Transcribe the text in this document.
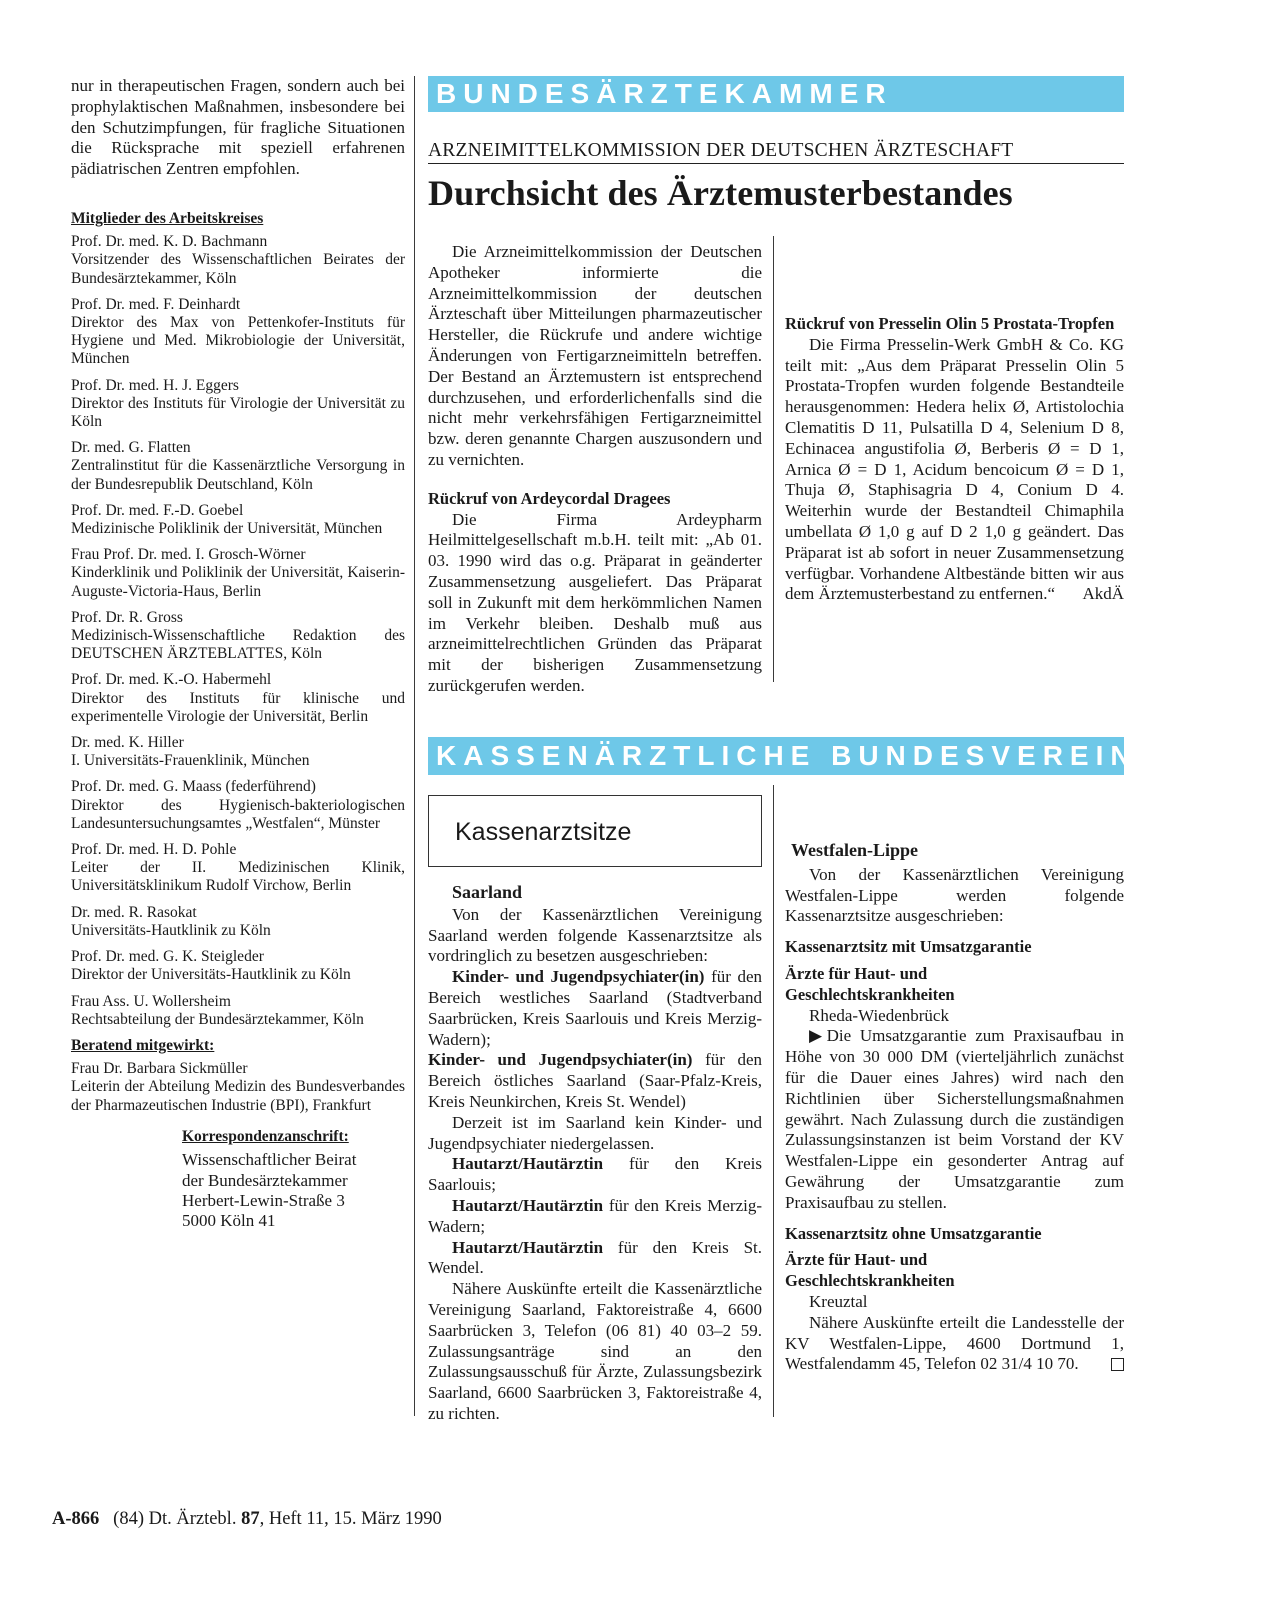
nur in therapeutischen Fragen, sondern auch bei prophylaktischen Maßnahmen, insbesondere bei den Schutzimpfungen, für fragliche Situationen die Rücksprache mit speziell erfahrenen pädiatrischen Zentren empfohlen.

Mitglieder des Arbeitskreises
Prof. Dr. med. K. D. Bachmann
Vorsitzender des Wissenschaftlichen Beirates der Bundesärztekammer, Köln
Prof. Dr. med. F. Deinhardt
Direktor des Max von Pettenkofer-Instituts für Hygiene und Med. Mikrobiologie der Universität, München
Prof. Dr. med. H. J. Eggers
Direktor des Instituts für Virologie der Universität zu Köln
Dr. med. G. Flatten
Zentralinstitut für die Kassenärztliche Versorgung in der Bundesrepublik Deutschland, Köln
Prof. Dr. med. F.-D. Goebel
Medizinische Poliklinik der Universität, München
Frau Prof. Dr. med. I. Grosch-Wörner
Kinderklinik und Poliklinik der Universität, Kaiserin-Auguste-Victoria-Haus, Berlin
Prof. Dr. R. Gross
Medizinisch-Wissenschaftliche Redaktion des DEUTSCHEN ÄRZTEBLATTES, Köln
Prof. Dr. med. K.-O. Habermehl
Direktor des Instituts für klinische und experimentelle Virologie der Universität, Berlin
Dr. med. K. Hiller
I. Universitäts-Frauenklinik, München
Prof. Dr. med. G. Maass (federführend)
Direktor des Hygienisch-bakteriologischen Landesuntersuchungsamtes „Westfalen“, Münster
Prof. Dr. med. H. D. Pohle
Leiter der II. Medizinischen Klinik, Universitätsklinikum Rudolf Virchow, Berlin
Dr. med. R. Rasokat
Universitäts-Hautklinik zu Köln
Prof. Dr. med. G. K. Steigleder
Direktor der Universitäts-Hautklinik zu Köln
Frau Ass. U. Wollersheim
Rechtsabteilung der Bundesärztekammer, Köln
Beratend mitgewirkt:
Frau Dr. Barbara Sickmüller
Leiterin der Abteilung Medizin des Bundesverbandes der Pharmazeutischen Industrie (BPI), Frankfurt
Korrespondenzanschrift:
Wissenschaftlicher Beirat
der Bundesärztekammer
Herbert-Lewin-Straße 3
5000 Köln 41
BUNDESÄRZTEKAMMER
ARZNEIMITTELKOMMISSION DER DEUTSCHEN ÄRZTESCHAFT
Durchsicht des Ärztemusterbestandes

Die Arzneimittelkommission der Deutschen Apotheker informierte die Arzneimittelkommission der deutschen Ärzteschaft über Mitteilungen pharmazeutischer Hersteller, die Rückrufe und andere wichtige Änderungen von Fertigarzneimitteln betreffen. Der Bestand an Ärztemustern ist entsprechend durchzusehen, und erforderlichenfalls sind die nicht mehr verkehrsfähigen Fertigarzneimittel bzw. deren genannte Chargen auszusondern und zu vernichten.

Rückruf von Ardeycordal Dragees

Die Firma Ardeypharm Heilmittelgesellschaft m.b.H. teilt mit: „Ab 01. 03. 1990 wird das o.g. Präparat in geänderter Zusammensetzung ausgeliefert. Das Präparat soll in Zukunft mit dem herkömmlichen Namen im Verkehr bleiben. Deshalb muß aus arzneimittelrechtlichen Gründen das Präparat mit der bisherigen Zusammensetzung zurückgerufen werden.

Rückruf von Presselin Olin 5 Prostata-Tropfen

Die Firma Presselin-Werk GmbH & Co. KG teilt mit: „Aus dem Präparat Presselin Olin 5 Prostata-Tropfen wurden folgende Bestandteile herausgenommen: Hedera helix Ø, Artistolochia Clematitis D 11, Pulsatilla D 4, Selenium D 8, Echinacea angustifolia Ø, Berberis Ø = D 1, Arnica Ø = D 1, Acidum bencoicum Ø = D 1, Thuja Ø, Staphisagria D 4, Conium D 4. Weiterhin wurde der Bestandteil Chimaphila umbellata Ø 1,0 g auf D 2 1,0 g geändert. Das Präparat ist ab sofort in neuer Zusammensetzung verfügbar. Vorhandene Altbestände bitten wir aus dem Ärztemusterbestand zu entfernen.“	AkdÄ

KASSENÄRZTLICHE BUNDESVEREINIGUNG
Kassenarztsitze

Saarland

Von der Kassenärztlichen Vereinigung Saarland werden folgende Kassenarztsitze als vordringlich zu besetzen ausgeschrieben:

Kinder- und Jugendpsychiater(in) für den Bereich westliches Saarland (Stadtverband Saarbrücken, Kreis Saarlouis und Kreis Merzig-Wadern);

Kinder- und Jugendpsychiater(in) für den Bereich östliches Saarland (Saar-Pfalz-Kreis, Kreis Neunkirchen, Kreis St. Wendel)

Derzeit ist im Saarland kein Kinder- und Jugendpsychiater niedergelassen.

Hautarzt/Hautärztin für den Kreis Saarlouis;

Hautarzt/Hautärztin für den Kreis Merzig-Wadern;

Hautarzt/Hautärztin für den Kreis St. Wendel.

Nähere Auskünfte erteilt die Kassenärztliche Vereinigung Saarland, Faktoreistraße 4, 6600 Saarbrücken 3, Telefon (06 81) 40 03–2 59. Zulassungsanträge sind an den Zulassungsausschuß für Ärzte, Zulassungsbezirk Saarland, 6600 Saarbrücken 3, Faktoreistraße 4, zu richten.

Westfalen-Lippe

Von der Kassenärztlichen Vereinigung Westfalen-Lippe werden folgende Kassenarztsitze ausgeschrieben:

Kassenarztsitz mit Umsatzgarantie

Ärzte für Haut- und Geschlechtskrankheiten

Rheda-Wiedenbrück

▶Die Umsatzgarantie zum Praxisaufbau in Höhe von 30 000 DM (vierteljährlich zunächst für die Dauer eines Jahres) wird nach den Richtlinien über Sicherstellungsmaßnahmen gewährt. Nach Zulassung durch die zuständigen Zulassungsinstanzen ist beim Vorstand der KV Westfalen-Lippe ein gesonderter Antrag auf Gewährung der Umsatzgarantie zum Praxisaufbau zu stellen.

Kassenarztsitz ohne Umsatzgarantie

Ärzte für Haut- und Geschlechtskrankheiten

Kreuztal

Nähere Auskünfte erteilt die Landesstelle der KV Westfalen-Lippe, 4600 Dortmund 1, Westfalendamm 45, Telefon 02 31/4 10 70.

A-866 (84) Dt. Ärztebl. 87, Heft 11, 15. März 1990
